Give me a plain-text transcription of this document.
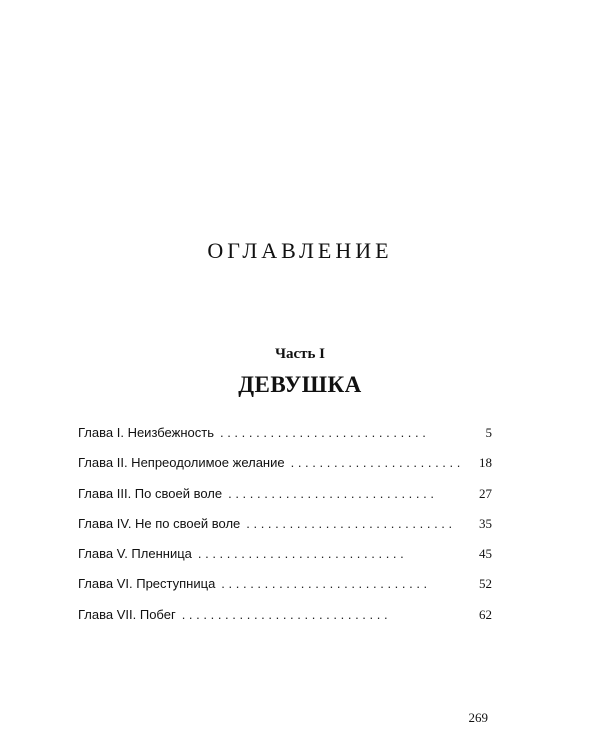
ОГЛАВЛЕНИЕ
Часть I
ДЕВУШКА
Глава I. Неизбежность . . .	5
Глава II. Непреодолимое желание . . .	18
Глава III. По своей воле . . .	27
Глава IV. Не по своей воле . . .	35
Глава V. Пленница . . .	45
Глава VI. Преступница . . .	52
Глава VII. Побег . . .	62
269
